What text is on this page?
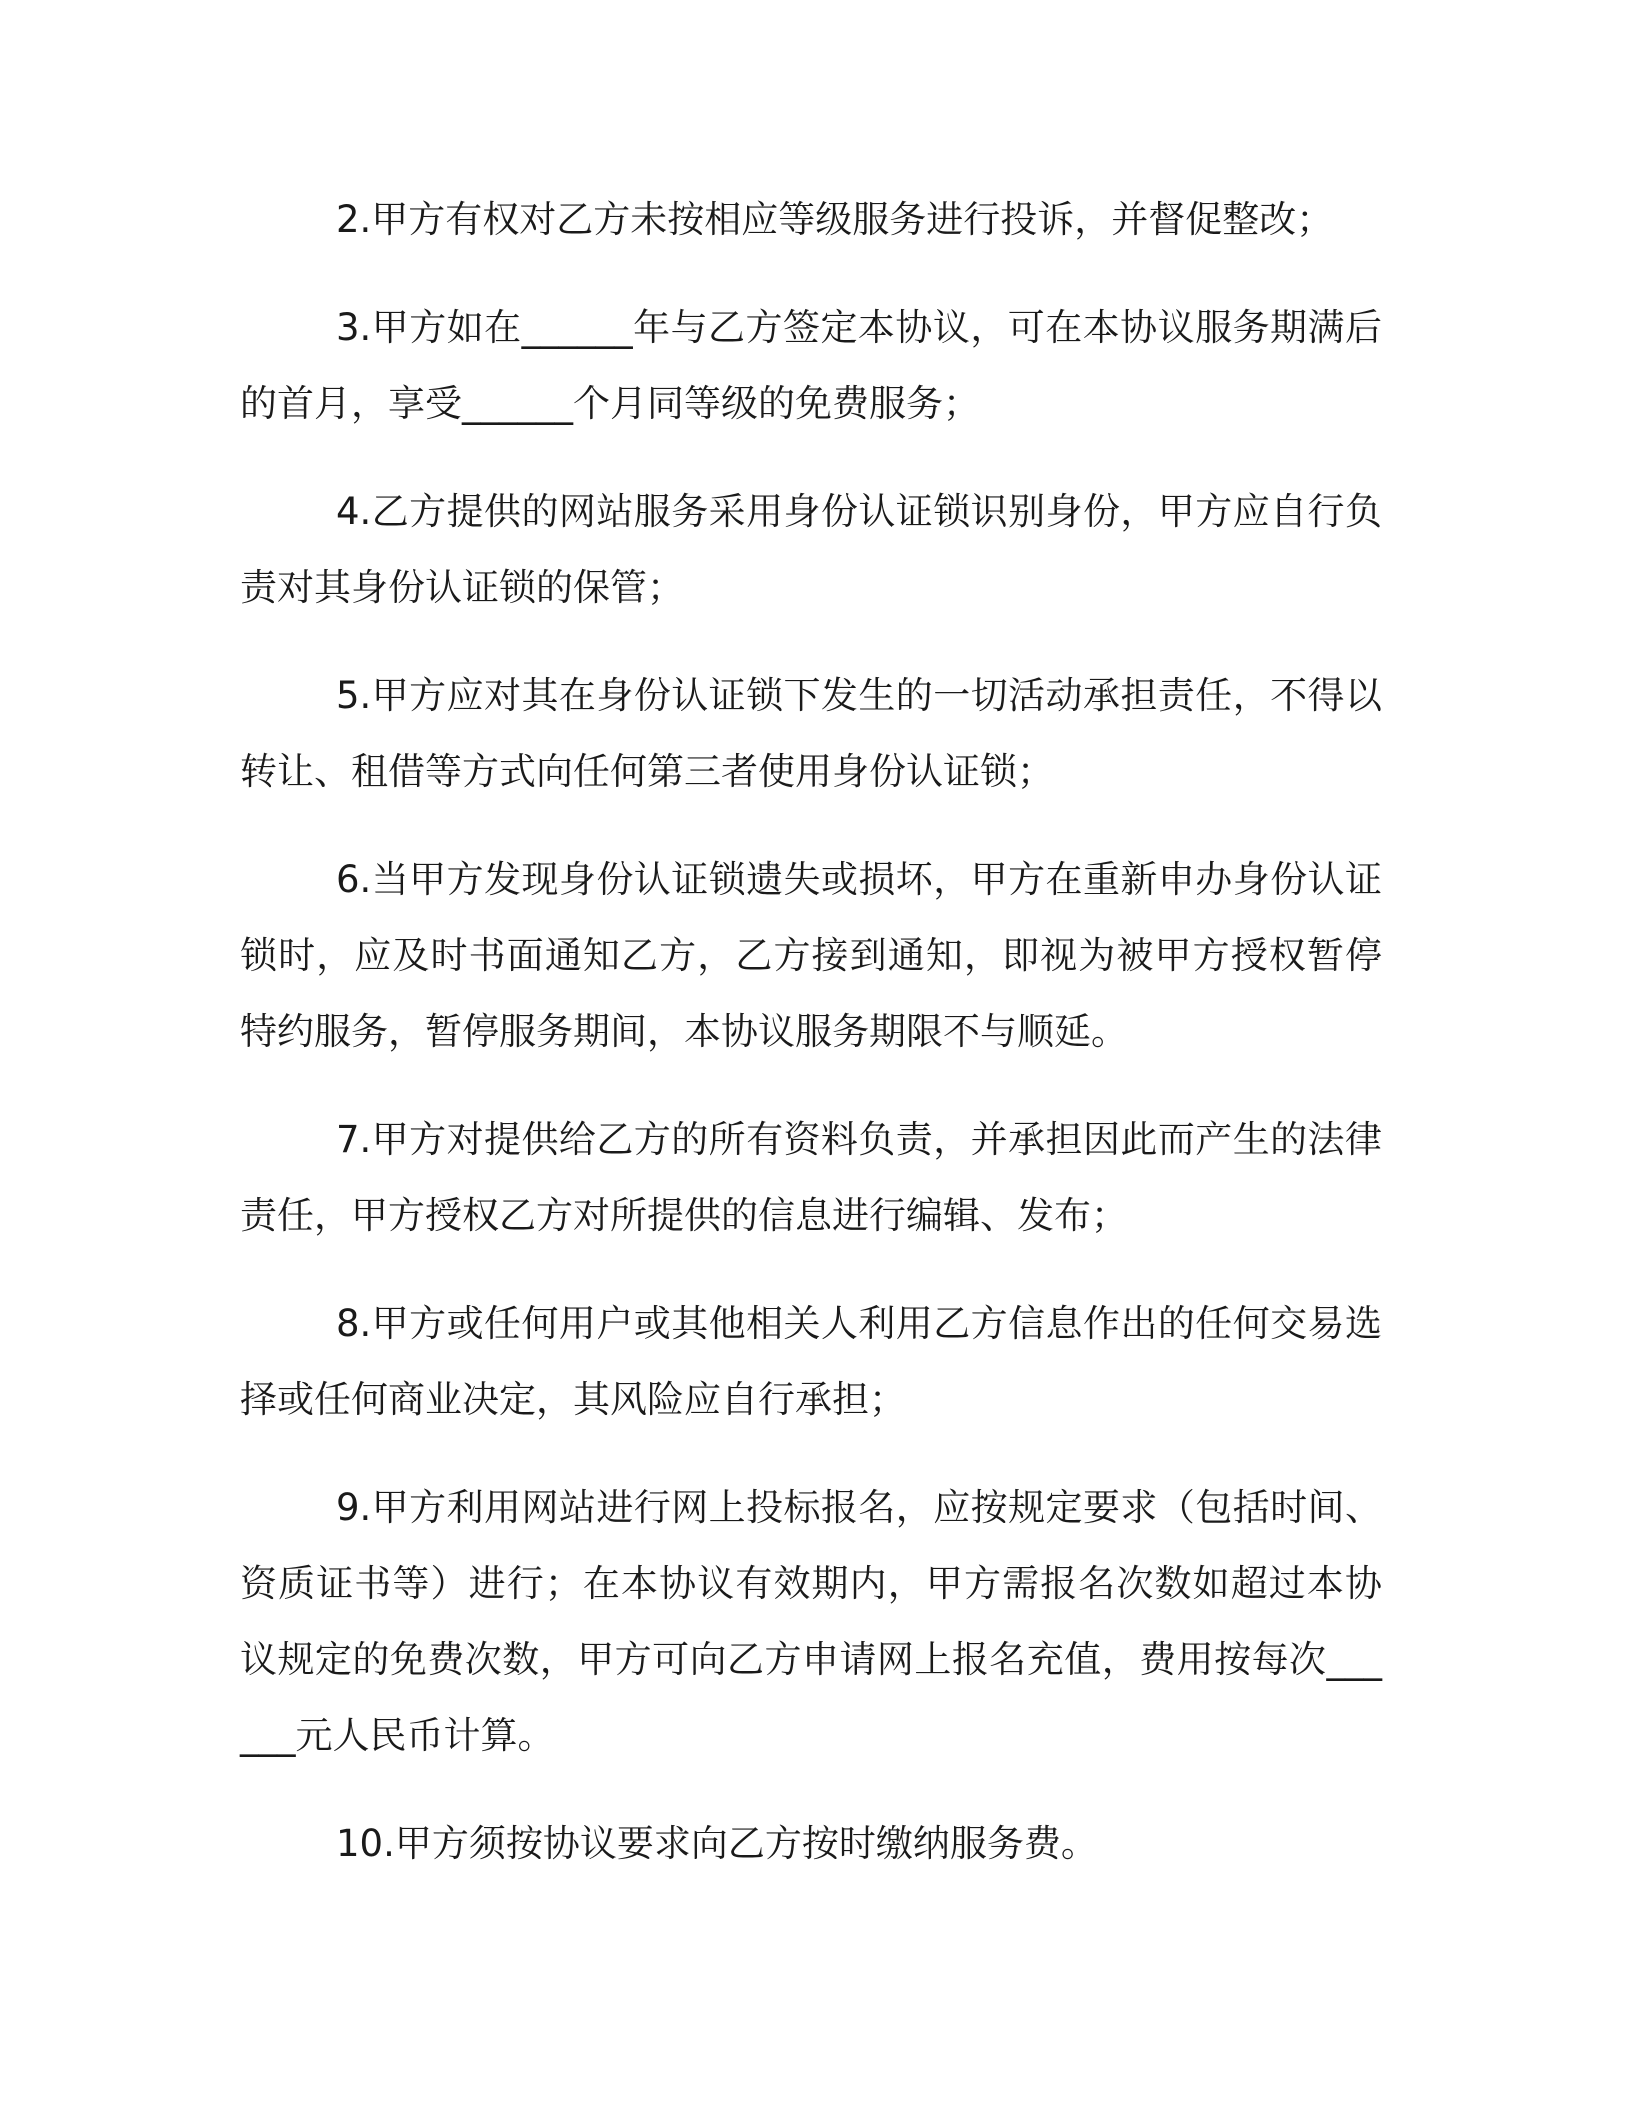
2.甲方有权对乙方未按相应等级服务进行投诉，并督促整改；

3.甲方如在______年与乙方签定本协议，可在本协议服务期满后的首月，享受______个月同等级的免费服务；

4.乙方提供的网站服务采用身份认证锁识别身份，甲方应自行负责对其身份认证锁的保管；

5.甲方应对其在身份认证锁下发生的一切活动承担责任，不得以转让、租借等方式向任何第三者使用身份认证锁；

6.当甲方发现身份认证锁遗失或损坏，甲方在重新申办身份认证锁时，应及时书面通知乙方，乙方接到通知，即视为被甲方授权暂停特约服务，暂停服务期间，本协议服务期限不与顺延。

7.甲方对提供给乙方的所有资料负责，并承担因此而产生的法律责任，甲方授权乙方对所提供的信息进行编辑、发布；

8.甲方或任何用户或其他相关人利用乙方信息作出的任何交易选择或任何商业决定，其风险应自行承担；

9.甲方利用网站进行网上投标报名，应按规定要求（包括时间、资质证书等）进行；在本协议有效期内，甲方需报名次数如超过本协议规定的免费次数，甲方可向乙方申请网上报名充值，费用按每次______元人民币计算。

10.甲方须按协议要求向乙方按时缴纳服务费。
